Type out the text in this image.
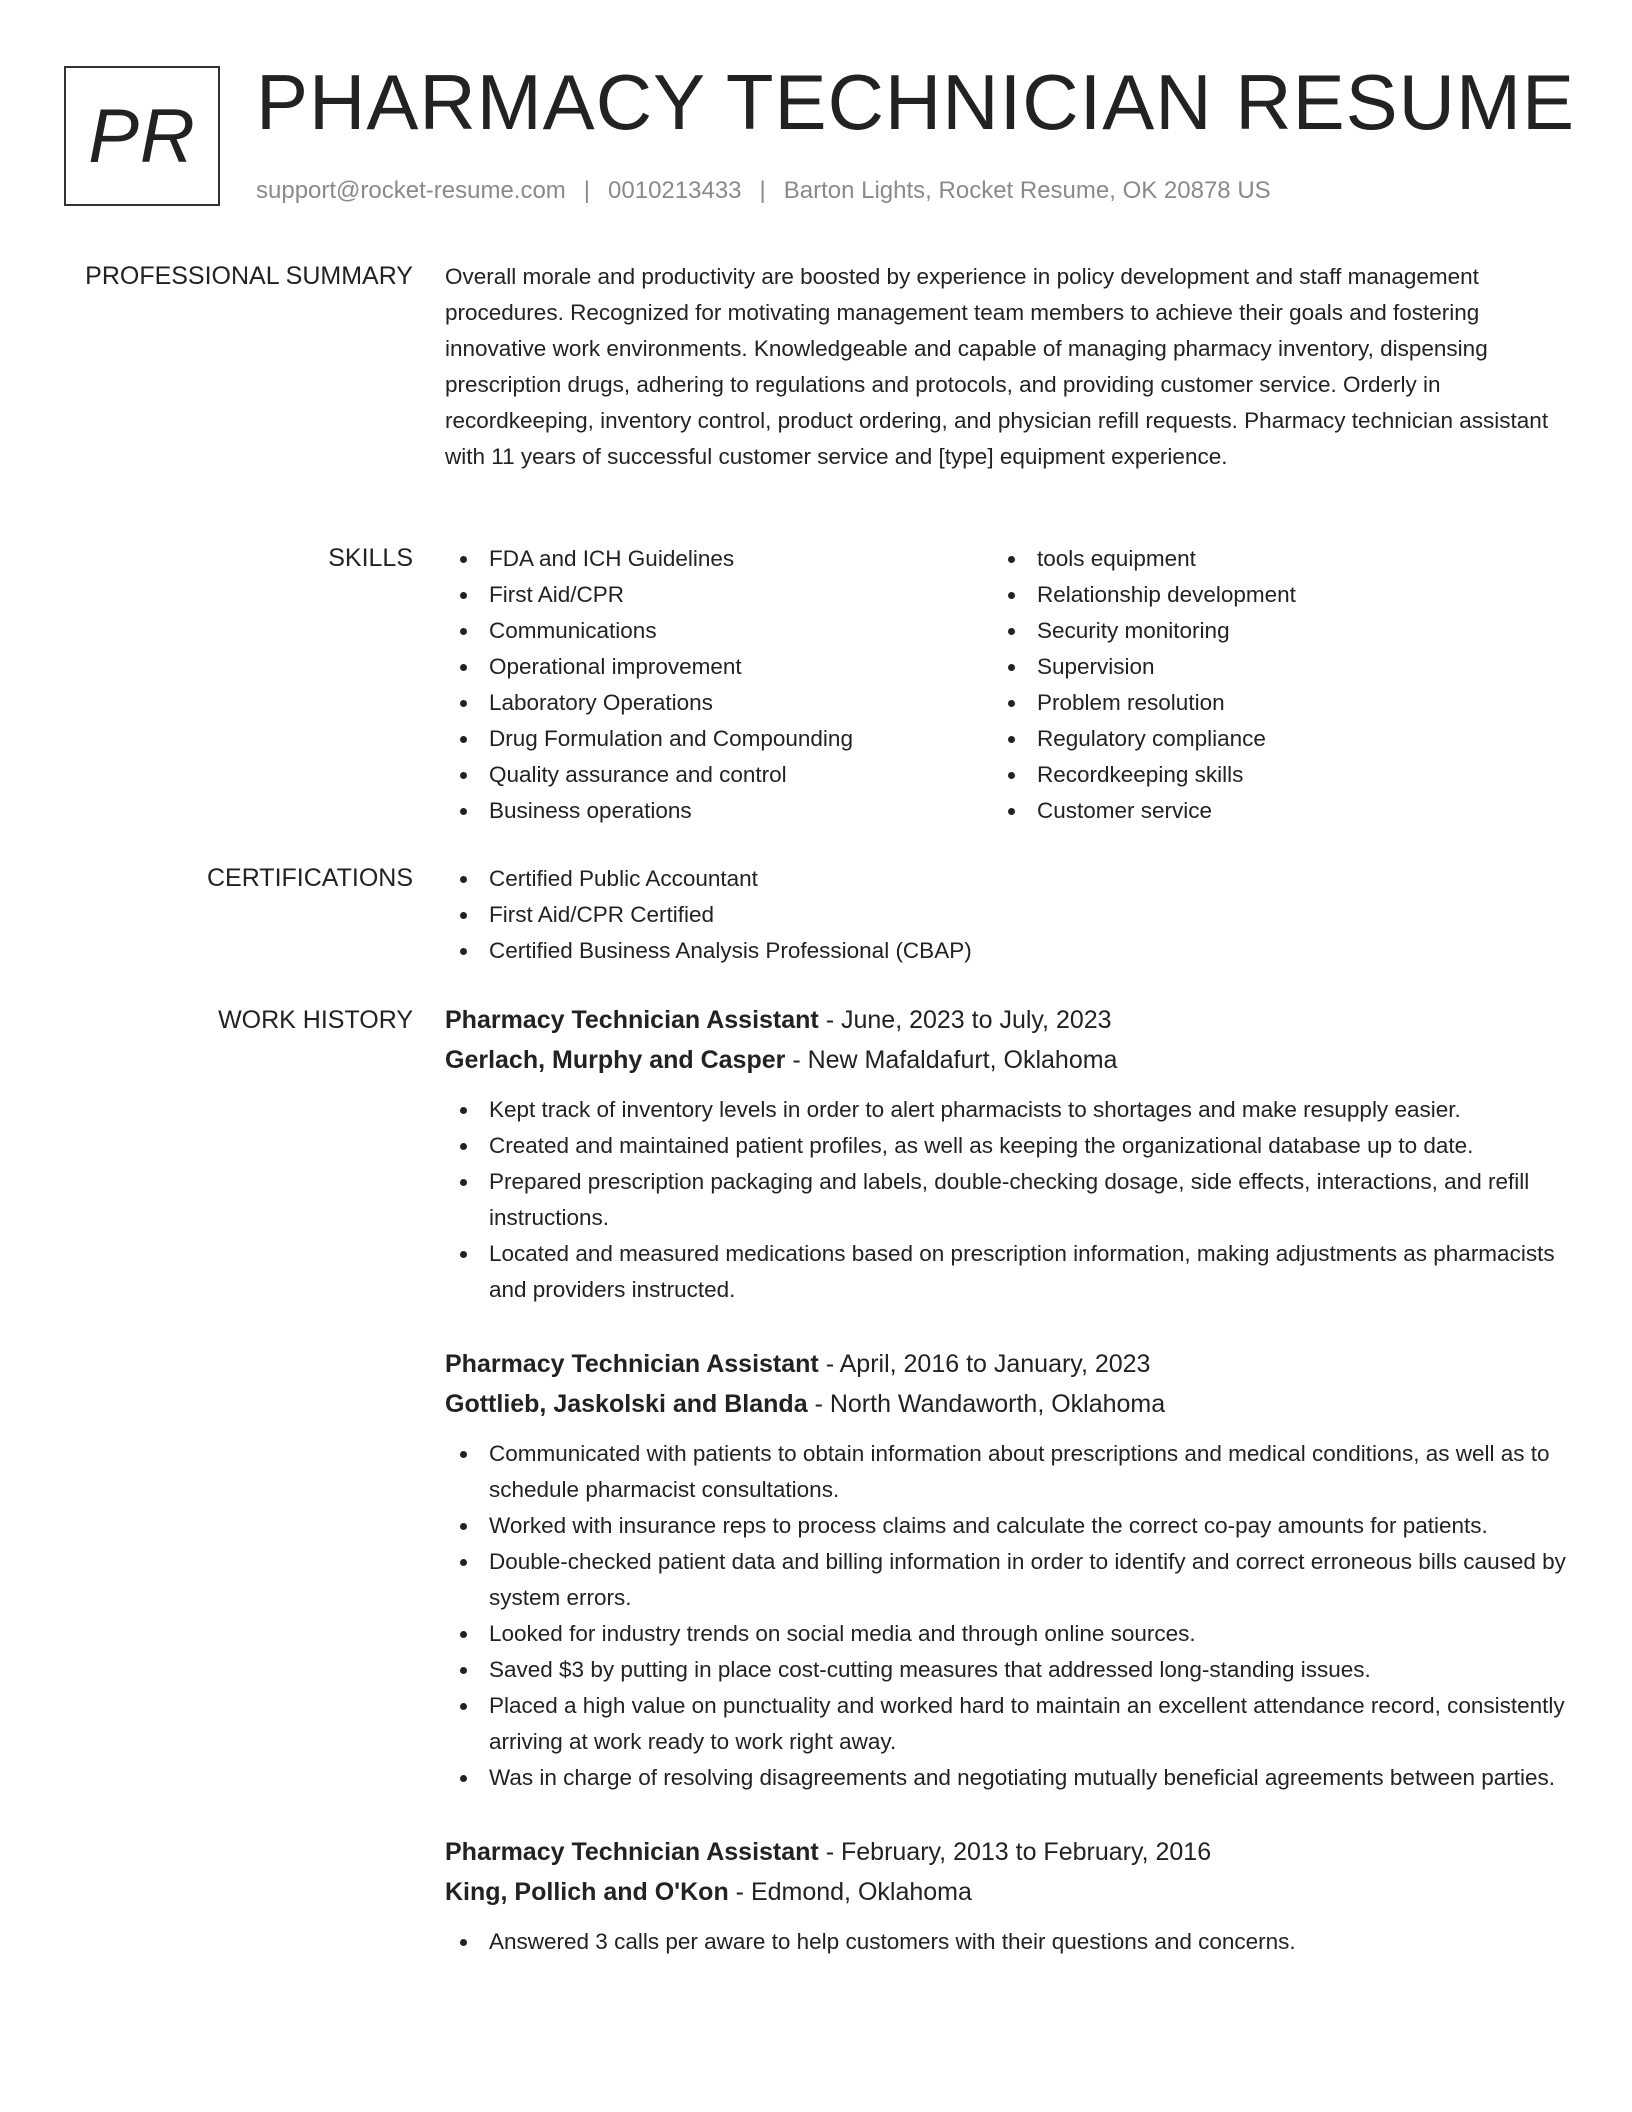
PR PHARMACY TECHNICIAN RESUME
support@rocket-resume.com | 0010213433 | Barton Lights, Rocket Resume, OK 20878 US
PROFESSIONAL SUMMARY Overall morale and productivity are boosted by experience in policy development and staff management procedures. Recognized for motivating management team members to achieve their goals and fostering innovative work environments. Knowledgeable and capable of managing pharmacy inventory, dispensing prescription drugs, adhering to regulations and protocols, and providing customer service. Orderly in recordkeeping, inventory control, product ordering, and physician refill requests. Pharmacy technician assistant with 11 years of successful customer service and [type] equipment experience.
SKILLS	FDA and ICH Guidelines
First Aid/CPR
Communications
Operational improvement
Laboratory Operations
Drug Formulation and Compounding
Quality assurance and control
Business operations
tools equipment
Relationship development
Security monitoring
Supervision
Problem resolution
Regulatory compliance
Recordkeeping skills
Customer service
CERTIFICATIONS	Certified Public Accountant
First Aid/CPR Certified
Certified Business Analysis Professional (CBAP)
WORK HISTORY Pharmacy Technician Assistant - June, 2023 to July, 2023
Gerlach, Murphy and Casper - New Mafaldafurt, Oklahoma
Kept track of inventory levels in order to alert pharmacists to shortages and make resupply easier.
Created and maintained patient profiles, as well as keeping the organizational database up to date.
Prepared prescription packaging and labels, double-checking dosage, side effects, interactions, and refill instructions.
Located and measured medications based on prescription information, making adjustments as pharmacists and providers instructed.
Pharmacy Technician Assistant - April, 2016 to January, 2023
Gottlieb, Jaskolski and Blanda - North Wandaworth, Oklahoma
Communicated with patients to obtain information about prescriptions and medical conditions, as well as to schedule pharmacist consultations.
Worked with insurance reps to process claims and calculate the correct co-pay amounts for patients.
Double-checked patient data and billing information in order to identify and correct erroneous bills caused by system errors.
Looked for industry trends on social media and through online sources.
Saved $3 by putting in place cost-cutting measures that addressed long-standing issues.
Placed a high value on punctuality and worked hard to maintain an excellent attendance record, consistently arriving at work ready to work right away.
Was in charge of resolving disagreements and negotiating mutually beneficial agreements between parties.
Pharmacy Technician Assistant - February, 2013 to February, 2016
King, Pollich and O'Kon - Edmond, Oklahoma
Answered 3 calls per aware to help customers with their questions and concerns.
